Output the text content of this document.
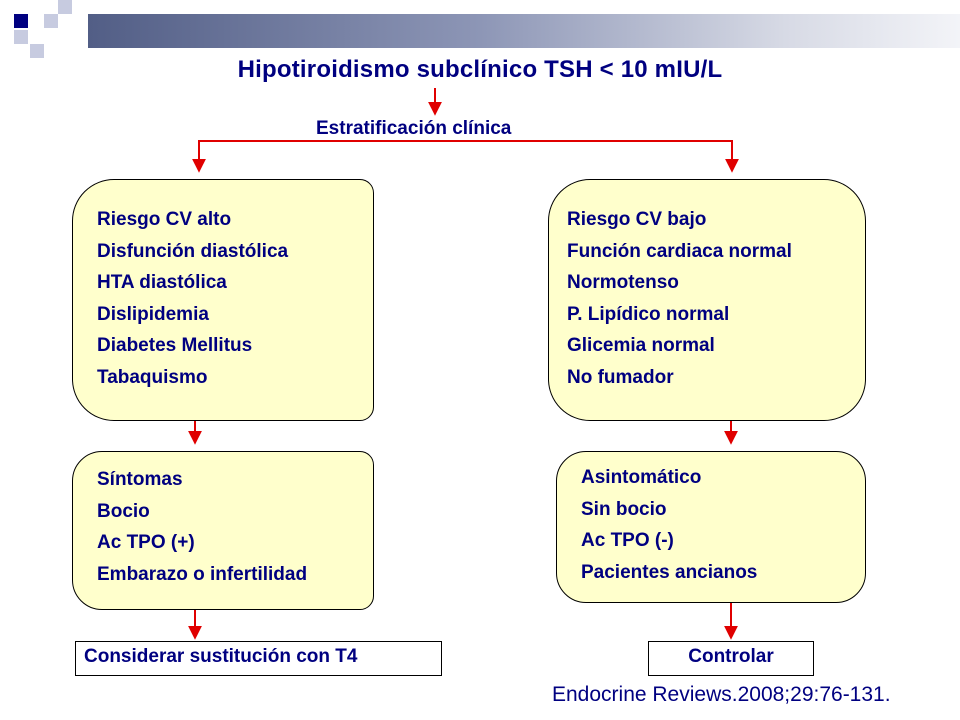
Hipotiroidismo subclínico TSH < 10 mIU/L
Estratificación clínica
Riesgo CV alto
Disfunción diastólica
HTA diastólica
Dislipidemia
Diabetes Mellitus
Tabaquismo
Riesgo CV bajo
Función cardiaca normal
Normotenso
P. Lipídico normal
Glicemia normal
No fumador
Síntomas
Bocio
Ac TPO (+)
Embarazo o infertilidad
Asintomático
Sin bocio
Ac TPO (-)
Pacientes ancianos
Considerar sustitución con T4	Controlar
Endocrine Reviews.2008;29:76-131.
